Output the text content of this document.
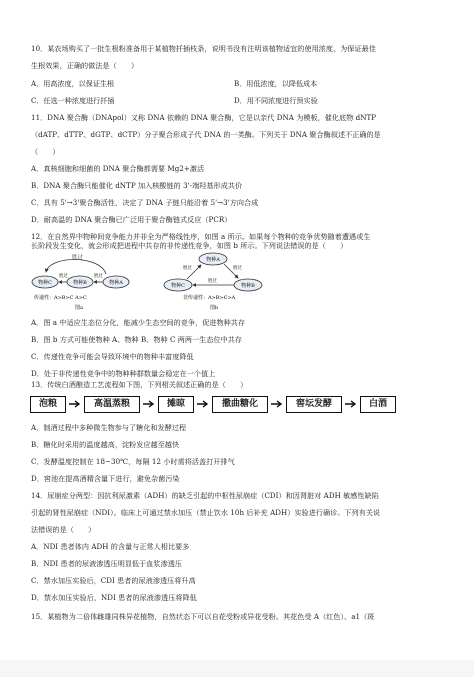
10．某农场购买了一批生根粉准备用于某植物扦插枝条，说明书没有注明该植物适宜的使用浓度，为保证最佳
生根效果，正确的做法是（　　）
A．用高浓度，以保证生根	B．用低浓度，以降低成本
C．任选一种浓度进行扦插	D．用不同浓度进行预实验
11．DNA 聚合酶（DNApol）又称 DNA 依赖的 DNA 聚合酶，它是以亲代 DNA 为模板，催化底物 dNTP
（dATP、dTTP、dGTP、dCTP）分子聚合形成子代 DNA 的一类酶。下列关于 DNA 聚合酶叙述不正确的是
（　　）
A．真核细胞和细菌的 DNA 聚合酶都需要 Mg2+激活
B．DNA 聚合酶只能催化 dNTP 加入核酸链的 3'-端羟基形成共价
C．具有 5'→3'聚合酶活性，决定了 DNA 子链只能沿着 5'→3'方向合成
D．耐高温的 DNA 聚合酶已广泛用于聚合酶链式反应（PCR）
12．在自然界中物种间竞争能力并非全为严格线性序，如图 a 所示。如果每个物种的竞争优势随着遭遇或生
长阶段发生变化，就会形成把进程中共存的非传递性竞争，如图 b 所示。下列说法错误的是（　　）
胜过
物种C	物种B	物种A
胜过	胜过
传递性：A>B>C A>C
图a
物种A
物种C	物种B
胜过
胜过
胜过
非传递性：A>B>C>A
图b
A．图 a 中适应生态位分化，能减少生态空间的竞争，促进物种共存
B．图 b 方式可能使物种 A、物种 B、物种 C 两两一生态位中共存
C．传递性竞争可能会导致环境中的物种丰富度降低
D．处于非传递性竞争中的物种种群数量会稳定在一个值上
13．传统白酒酿造工艺流程如下图，下列相关叙述正确的是（　　）
泡粮	高温蒸粮	摊晾	撒曲糖化	窖坛发酵	白酒
A．制酒过程中多种微生物参与了糖化和发酵过程
B．糖化时采用的温度越高，淀粉发应越至越快
C．发酵温度控制在 18~30℃，每隔 12 小时需将活盖打开排气
D．窖池在提高酒精含量下进行，避免杂菌污染
14．尿崩症分两型：因抗利尿激素（ADH）的缺乏引起的中枢性尿崩症（CDI）和因肾脏对 ADH 敏感性缺陷
引起的肾性尿崩症（NDI）。临床上可通过禁水加压（禁止饮水 10h 后补充 ADH）实验进行确诊。下列有关说
法错误的是（　　）
A．NDI 患者体内 ADH 的含量与正常人相比要多
B．NDI 患者的尿液渗透压明显低于血浆渗透压
C．禁水加压实验后，CDI 患者的尿液渗透压将升高
D．禁水加压实验后，NDI 患者的尿液渗透压将降低
15．某植物为二倍体雌雄同株异花植物，自然状态下可以自花受粉或异花受粉。其花色受 A（红色）、a1（斑
